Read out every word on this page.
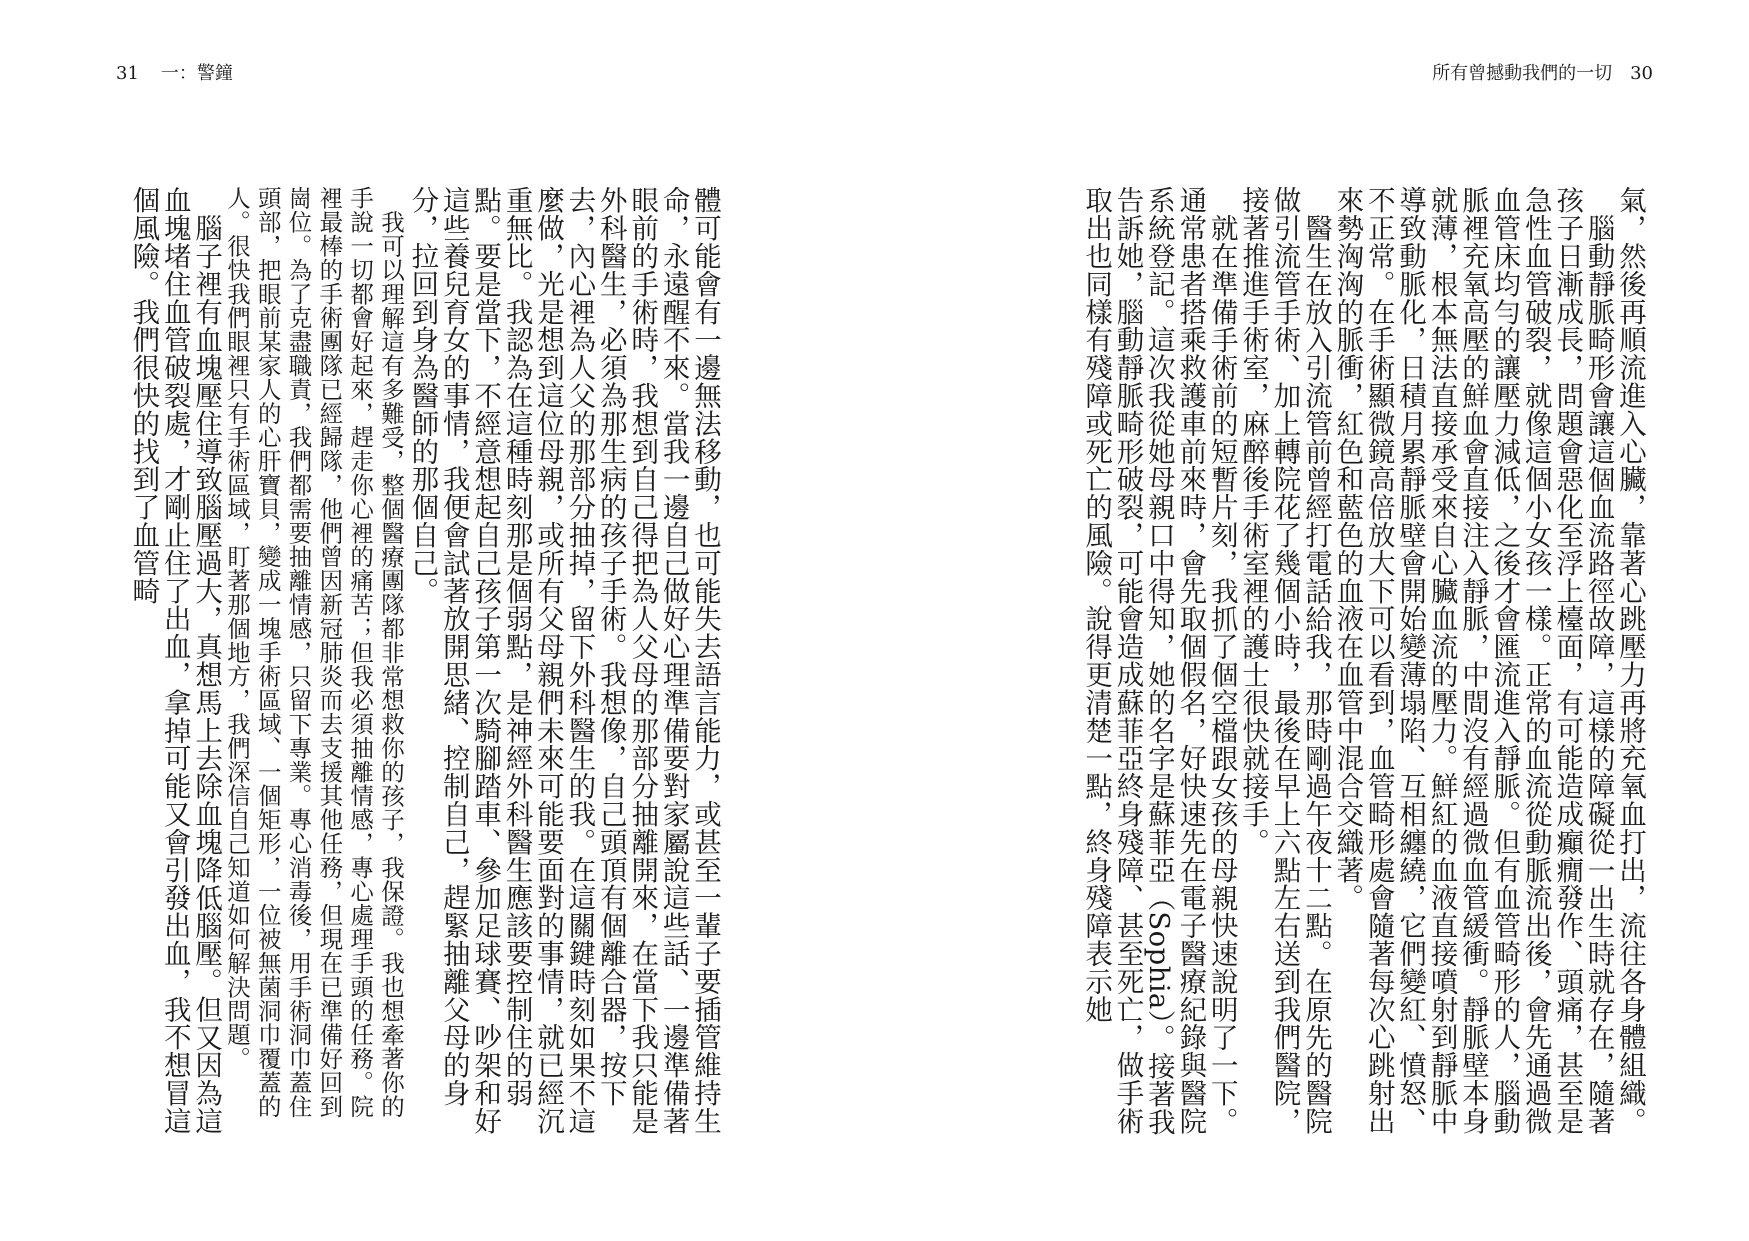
31 一：警鐘	所有曾撼動我們的一切 30

氣，然後再順流進入心臟，靠著心跳壓力再將充氧血打出，流往各身體組織。

腦動靜脈畸形會讓這個血流路徑故障，這樣的障礙從一出生時就存在，隨著孩子日漸成長，問題會惡化至浮上檯面，有可能造成癲癇發作、頭痛，甚至是急性血管破裂，就像這個小女孩一樣。正常的血流從動脈流出後，會先通過微血管床均勻的讓壓力減低，之後才會匯流進入靜脈。但有血管畸形的人，腦動脈裡充氧高壓的鮮血會直接注入靜脈，中間沒有經過微血管緩衝。靜脈壁本身就薄，根本無法直接承受來自心臟血流的壓力。鮮紅的血液直接噴射到靜脈中導致動脈化，日積月累靜脈壁會開始變薄塌陷、互相纏繞，它們變紅、憤怒、不正常。在手術顯微鏡高倍放大下可以看到，血管畸形處會隨著每次心跳射出來勢洶洶的脈衝，紅色和藍色的血液在血管中混合交織著。

醫生在放入引流管前曾經打電話給我，那時剛過午夜十二點。在原先的醫院做引流管手術、加上轉院花了幾個小時，最後在早上六點左右送到我們醫院，接著推進手術室，麻醉後手術室裡的護士很快就接手。

就在準備手術前的短暫片刻，我抓了個空檔跟女孩的母親快速說明了一下。通常患者搭乘救護車前來時，會先取個假名，好快速先在電子醫療紀錄與醫院系統登記。這次我從她母親口中得知，她的名字是蘇菲亞（Sophia）。接著我告訴她，腦動靜脈畸形破裂，可能會造成蘇菲亞終身殘障、甚至死亡，做手術取出也同樣有殘障或死亡的風險。說得更清楚一點，終身殘障表示她

體可能會有一邊無法移動，也可能失去語言能力，或甚至一輩子要插管維持生命，永遠醒不來。當我一邊自己做好心理準備要對家屬說這些話、一邊準備著眼前的手術時，我想到自己得把為人父母的那部分抽離開來，在當下我只能是外科醫生，必須為那生病的孩子手術。我想像，自己頭頂有個離合器，按下去，內心裡為人父的那部分抽掉，留下外科醫生的我。在這關鍵時刻如果不這麼做，光是想到這位母親，或所有父母親們未來可能要面對的事情，就已經沉重無比。我認為在這種時刻那是個弱點，是神經外科醫生應該要控制住的弱點。要是當下，不經意想起自己孩子第一次騎腳踏車、參加足球賽、吵架和好這些養兒育女的事情，我便會試著放開思緒、控制自己，趕緊抽離父母的身分，拉回到身為醫師的那個自己。

我可以理解這有多難受，整個醫療團隊都非常想救你的孩子，我保證。我也想牽著你的手說一切都會好起來，趕走你心裡的痛苦；但我必須抽離情感，專心處理手頭的任務。院裡最棒的手術團隊已經歸隊，他們曾因新冠肺炎而去支援其他任務，但現在已準備好回到崗位。為了克盡職責，我們都需要抽離情感，只留下專業。專心消毒後，用手術洞巾蓋住頭部，把眼前某家人的心肝寶貝，變成一塊手術區域、一個矩形，一位被無菌洞巾覆蓋的人。很快我們眼裡只有手術區域，盯著那個地方，我們深信自己知道如何解決問題。

腦子裡有血塊壓住導致腦壓過大，真想馬上去除血塊降低腦壓。但又因為這血塊堵住血管破裂處，才剛止住了出血，拿掉可能又會引發出血，我不想冒這個風險。我們很快的找到了血管畸
